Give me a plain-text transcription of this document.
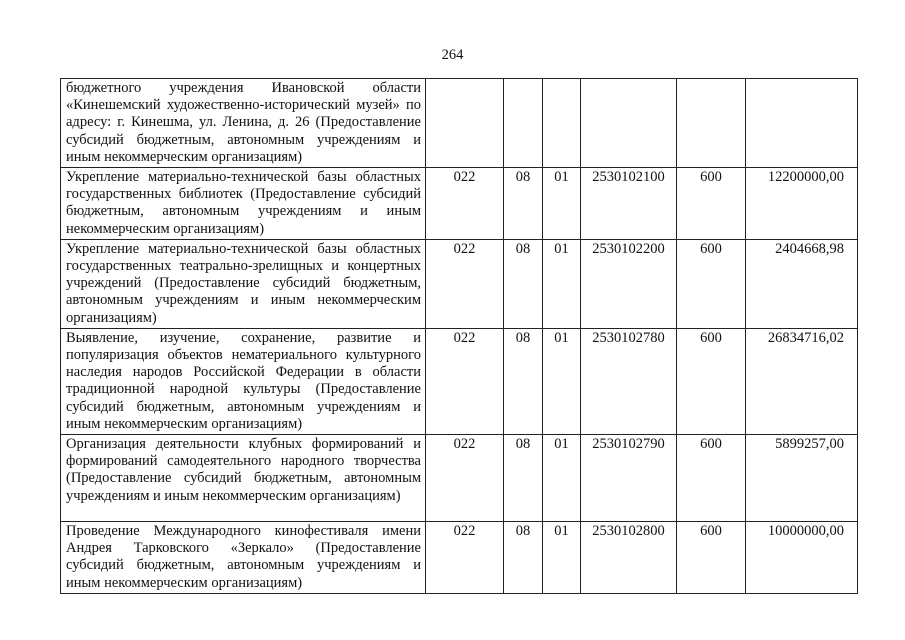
264
бюджетного учреждения Ивановской области «Кинешемский художественно-исторический музей» по адресу: г. Кинешма, ул. Ленина, д. 26 (Предоставление субсидий бюджетным, автономным учреждениям и иным некоммерческим организациям)						
Укрепление материально-технической базы областных государственных библиотек (Предоставление субсидий бюджетным, автономным учреждениям и иным некоммерческим организациям)	022	08	01	2530102100	600	12200000,00
Укрепление материально-технической базы областных государственных театрально-зрелищных и концертных учреждений (Предоставление субсидий бюджетным, автономным учреждениям и иным некоммерческим организациям)	022	08	01	2530102200	600	2404668,98
Выявление, изучение, сохранение, развитие и популяризация объектов нематериального культурного наследия народов Российской Федерации в области традиционной народной культуры (Предоставление субсидий бюджетным, автономным учреждениям и иным некоммерческим организациям)	022	08	01	2530102780	600	26834716,02
Организация деятельности клубных формирований и формирований самодеятельного народного творчества (Предоставление субсидий бюджетным, автономным учреждениям и иным некоммерческим организациям)	022	08	01	2530102790	600	5899257,00
Проведение Международного кинофестиваля имени Андрея Тарковского «Зеркало» (Предоставление субсидий бюджетным, автономным учреждениям и иным некоммерческим организациям)	022	08	01	2530102800	600	10000000,00
